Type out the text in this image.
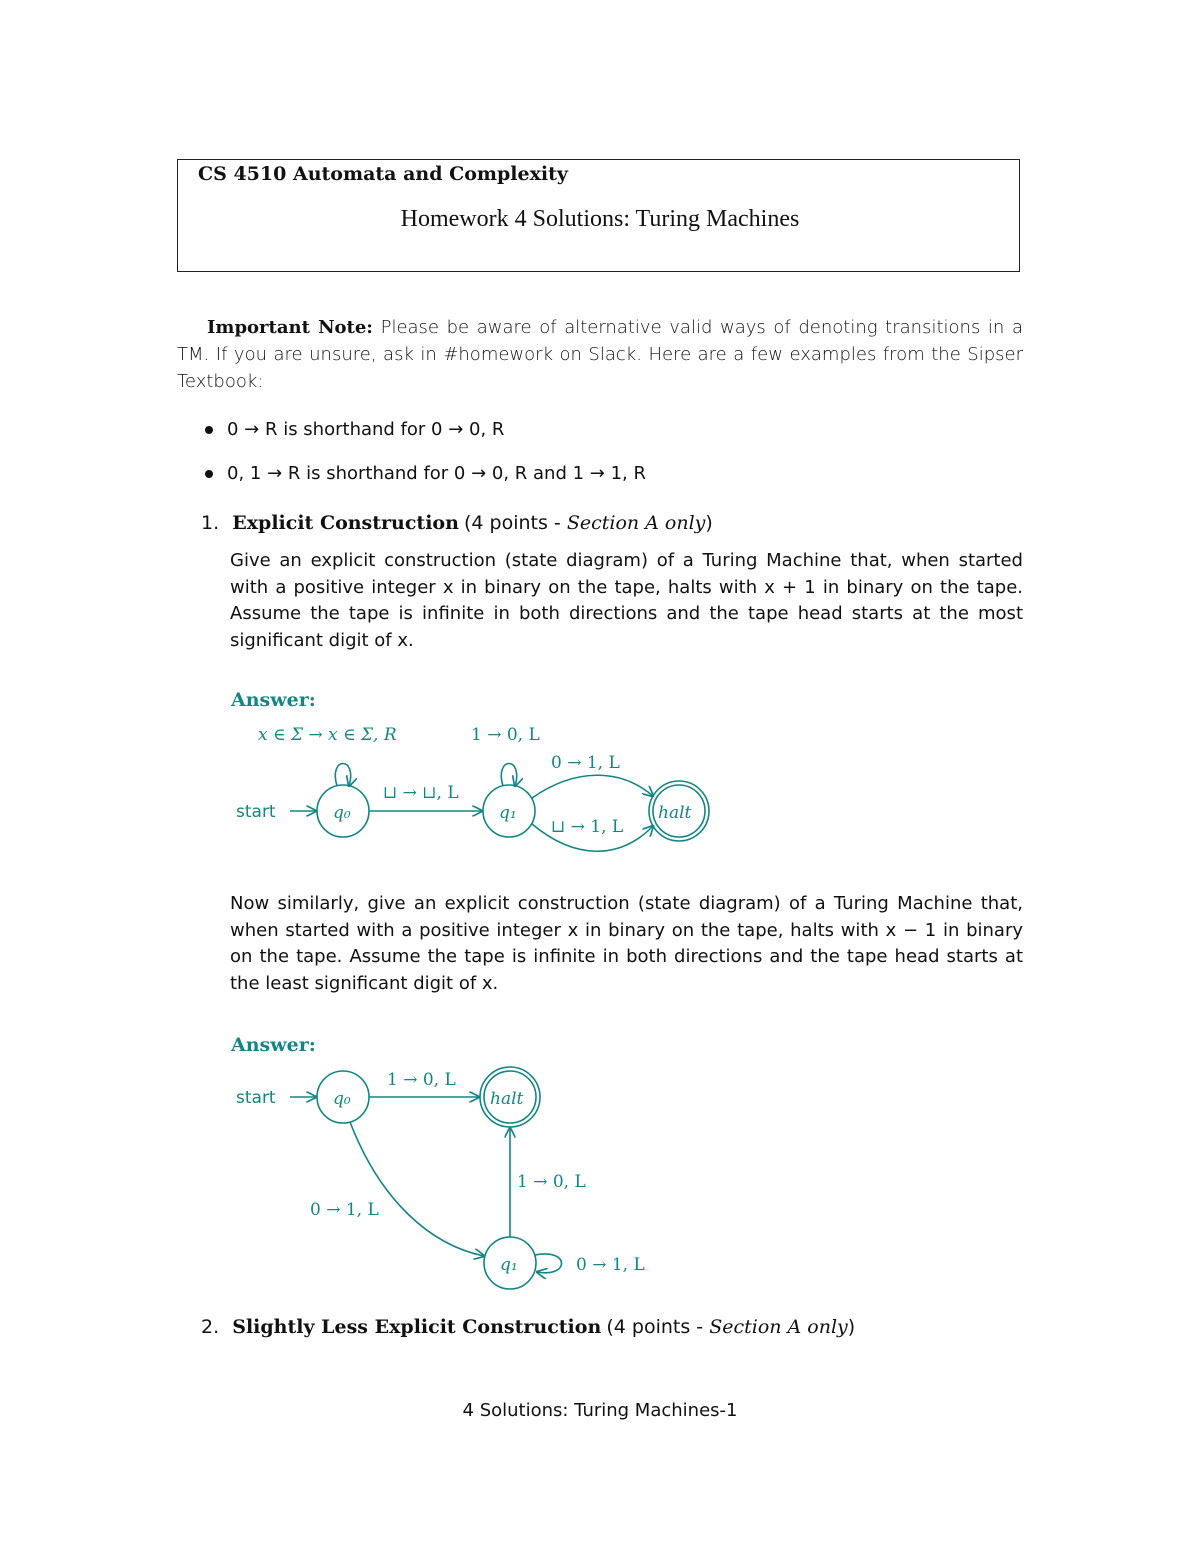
CS 4510 Automata and Complexity
Homework 4 Solutions: Turing Machines
Important Note: Please be aware of alternative valid ways of denoting transitions in a TM. If you are unsure, ask in #homework on Slack. Here are a few examples from the Sipser Textbook:
0 → R is shorthand for 0 → 0, R
0, 1 → R is shorthand for 0 → 0, R and 1 → 1, R
1. Explicit Construction (4 points - Section A only)
Give an explicit construction (state diagram) of a Turing Machine that, when started with a positive integer x in binary on the tape, halts with x + 1 in binary on the tape. Assume the tape is infinite in both directions and the tape head starts at the most significant digit of x.
Answer:
start	q₀	q₁	halt
x ∈ Σ → x ∈ Σ, R	1 → 0, L
⊔ → ⊔, L
0 → 1, L
⊔ → 1, L
start	q₀	halt
q₁
1 → 0, L
0 → 1, L
1 → 0, L
0 → 1, L
Now similarly, give an explicit construction (state diagram) of a Turing Machine that, when started with a positive integer x in binary on the tape, halts with x − 1 in binary on the tape. Assume the tape is infinite in both directions and the tape head starts at the least significant digit of x.
Answer:
2. Slightly Less Explicit Construction (4 points - Section A only)
4 Solutions: Turing Machines-1
